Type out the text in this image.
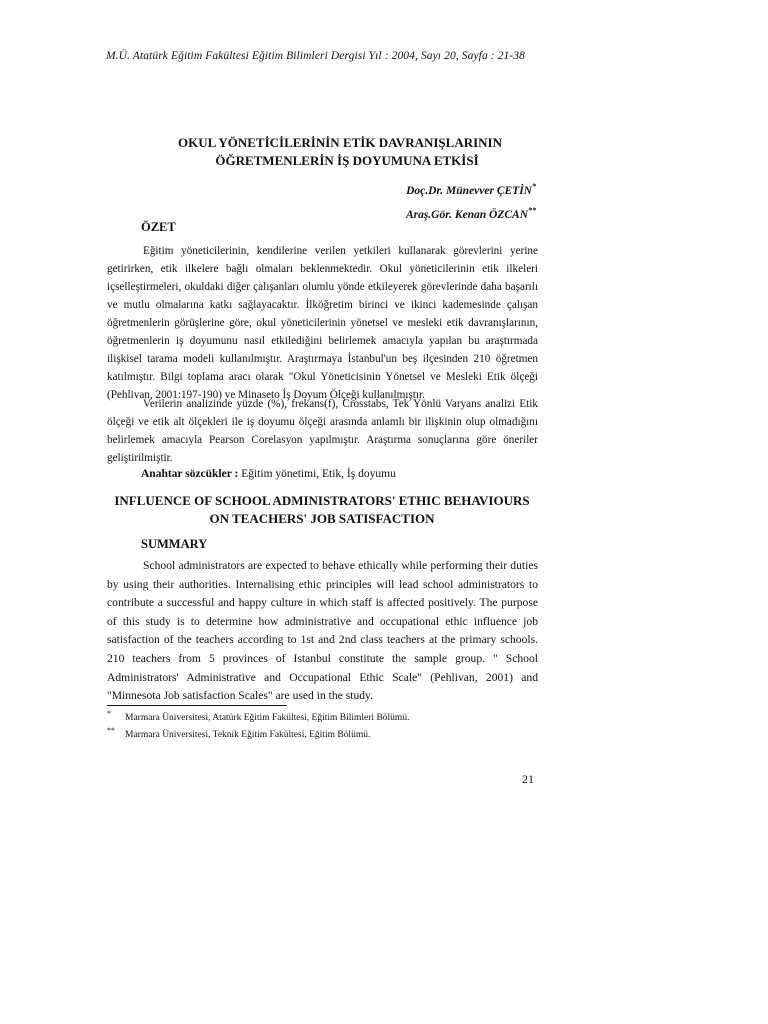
M.Ü. Atatürk Eğitim Fakültesi Eğitim Bilimleri Dergisi Yıl : 2004, Sayı 20, Sayfa : 21-38
OKUL YÖNETİCİLERİNİN ETİK DAVRANIŞLARININ
ÖĞRETMENLERİN İŞ DOYUMUNA ETKİSİ
Doç.Dr. Münevver ÇETİN*
Araş.Gör. Kenan ÖZCAN**
ÖZET

Eğitim yöneticilerinin, kendilerine verilen yetkileri kullanarak görevlerini yerine getirirken, etik ilkelere bağlı olmaları beklenmektedir. Okul yöneticilerinin etik ilkeleri içselleştirmeleri, okuldaki diğer çalışanları olumlu yönde etkileyerek görevlerinde daha başarılı ve mutlu olmalarına katkı sağlayacaktır. İlköğretim birinci ve ikinci kademesinde çalışan öğretmenlerin görüşlerine göre, okul yöneticilerinin yönetsel ve mesleki etik davranışlarının, öğretmenlerin iş doyumunu nasıl etkilediğini belirlemek amacıyla yapılan bu araştırmada ilişkisel tarama modeli kullanılmıştır. Araştırmaya İstanbul'un beş ilçesinden 210 öğretmen katılmıştır. Bilgi toplama aracı olarak "Okul Yöneticisinin Yönetsel ve Mesleki Etik ölçeği (Pehlivan, 2001:197-190) ve Minaseto İş Doyum Ölçeği kullanılmıştır.

Verilerin analizinde yüzde (%), frekans(f), Crosstabs, Tek Yönlü Varyans analizi Etik ölçeği ve etik alt ölçekleri ile iş doyumu ölçeği arasında anlamlı bir ilişkinin olup olmadığını belirlemek amacıyla Pearson Corelasyon yapılmıştır. Araştırma sonuçlarına göre öneriler geliştirilmiştir.

Anahtar sözcükler : Eğitim yönetimi, Etik, İş doyumu
INFLUENCE OF SCHOOL ADMINISTRATORS' ETHIC BEHAVIOURS
ON TEACHERS' JOB SATISFACTION
SUMMARY

School administrators are expected to behave ethically while performing their duties by using their authorities. Internalising ethic principles will lead school administrators to contribute a successful and happy culture in which staff is affected positively. The purpose of this study is to determine how administrative and occupational ethic influence job satisfaction of the teachers according to 1st and 2nd class teachers at the primary schools. 210 teachers from 5 provinces of Istanbul constitute the sample group. " School Administrators' Administrative and Occupational Ethic Scale" (Pehlivan, 2001) and "Minnesota Job satisfaction Scales" are used in the study.

* Marmara Üniversitesi, Atatürk Eğitim Fakültesi, Eğitim Bilimleri Bölümü.
** Marmara Üniversitesi, Teknik Eğitim Fakültesi, Eğitim Bölümü.
21
